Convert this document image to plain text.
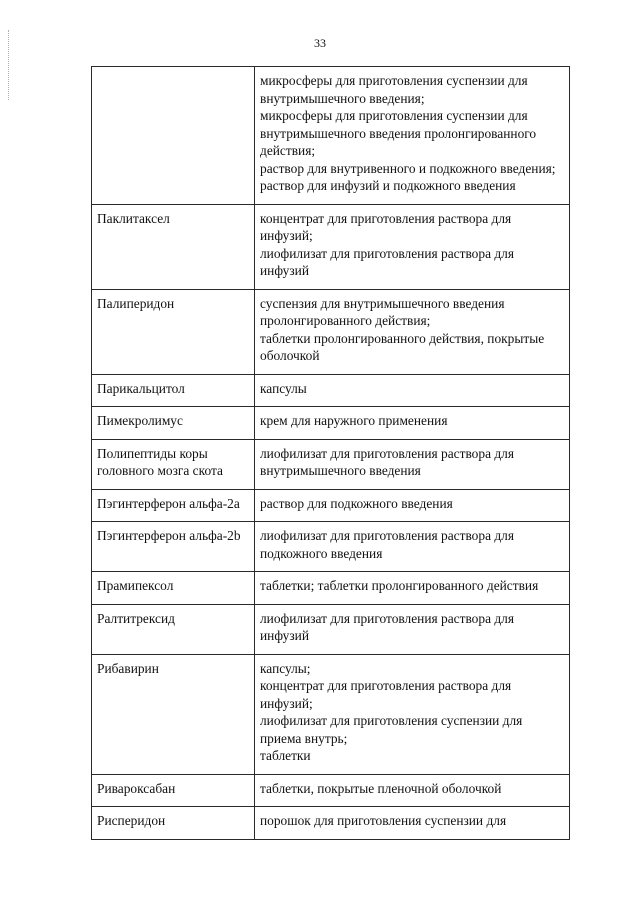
33

	микросферы для приготовления суспензии для внутримышечного введения;
микросферы для приготовления суспензии для внутримышечного введения пролонгированного действия;
раствор для внутривенного и подкожного введения;
раствор для инфузий и подкожного введения

Паклитаксел	концентрат для приготовления раствора для инфузий;
лиофилизат для приготовления раствора для инфузий

Палиперидон	суспензия для внутримышечного введения пролонгированного действия;
таблетки пролонгированного действия, покрытые оболочкой

Парикальцитол	капсулы

Пимекролимус	крем для наружного применения

Полипептиды коры головного мозга скота	лиофилизат для приготовления раствора для внутримышечного введения

Пэгинтерферон альфа-2а	раствор для подкожного введения

Пэгинтерферон альфа-2b	лиофилизат для приготовления раствора для подкожного введения

Прамипексол	таблетки; таблетки пролонгированного действия

Ралтитрексид	лиофилизат для приготовления раствора для инфузий

Рибавирин	капсулы;
концентрат для приготовления раствора для инфузий;
лиофилизат для приготовления суспензии для приема внутрь;
таблетки

Ривароксабан	таблетки, покрытые пленочной оболочкой

Рисперидон	порошок для приготовления суспензии для
